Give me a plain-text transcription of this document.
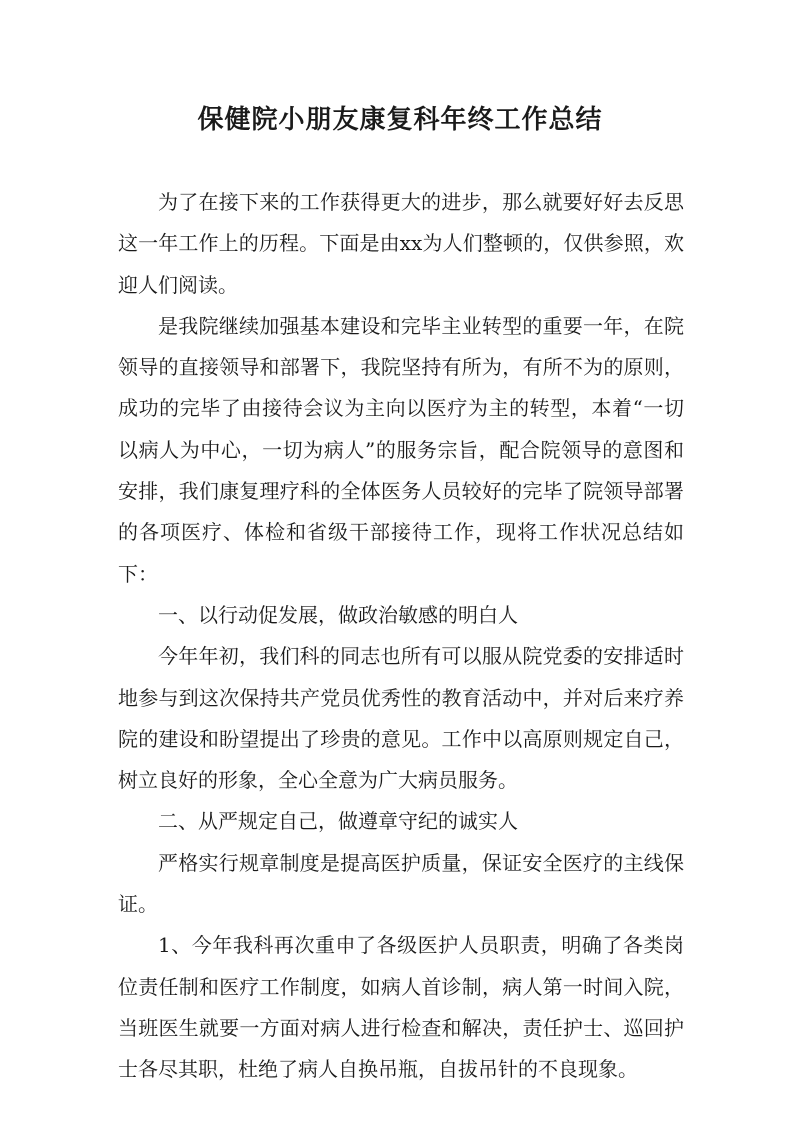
保健院小朋友康复科年终工作总结

为了在接下来的工作获得更大的进步，那么就要好好去反思这一年工作上的历程。下面是由xx为人们整顿的，仅供参照，欢迎人们阅读。

是我院继续加强基本建设和完毕主业转型的重要一年，在院领导的直接领导和部署下，我院坚持有所为，有所不为的原则，成功的完毕了由接待会议为主向以医疗为主的转型，本着“一切以病人为中心，一切为病人”的服务宗旨，配合院领导的意图和安排，我们康复理疗科的全体医务人员较好的完毕了院领导部署的各项医疗、体检和省级干部接待工作，现将工作状况总结如下：

一、以行动促发展，做政治敏感的明白人

今年年初，我们科的同志也所有可以服从院党委的安排适时地参与到这次保持共产党员优秀性的教育活动中，并对后来疗养院的建设和盼望提出了珍贵的意见。工作中以高原则规定自己，树立良好的形象，全心全意为广大病员服务。

二、从严规定自己，做遵章守纪的诚实人

严格实行规章制度是提高医护质量，保证安全医疗的主线保证。

1、今年我科再次重申了各级医护人员职责，明确了各类岗位责任制和医疗工作制度，如病人首诊制，病人第一时间入院，当班医生就要一方面对病人进行检查和解决，责任护士、巡回护士各尽其职，杜绝了病人自换吊瓶，自拔吊针的不良现象。
